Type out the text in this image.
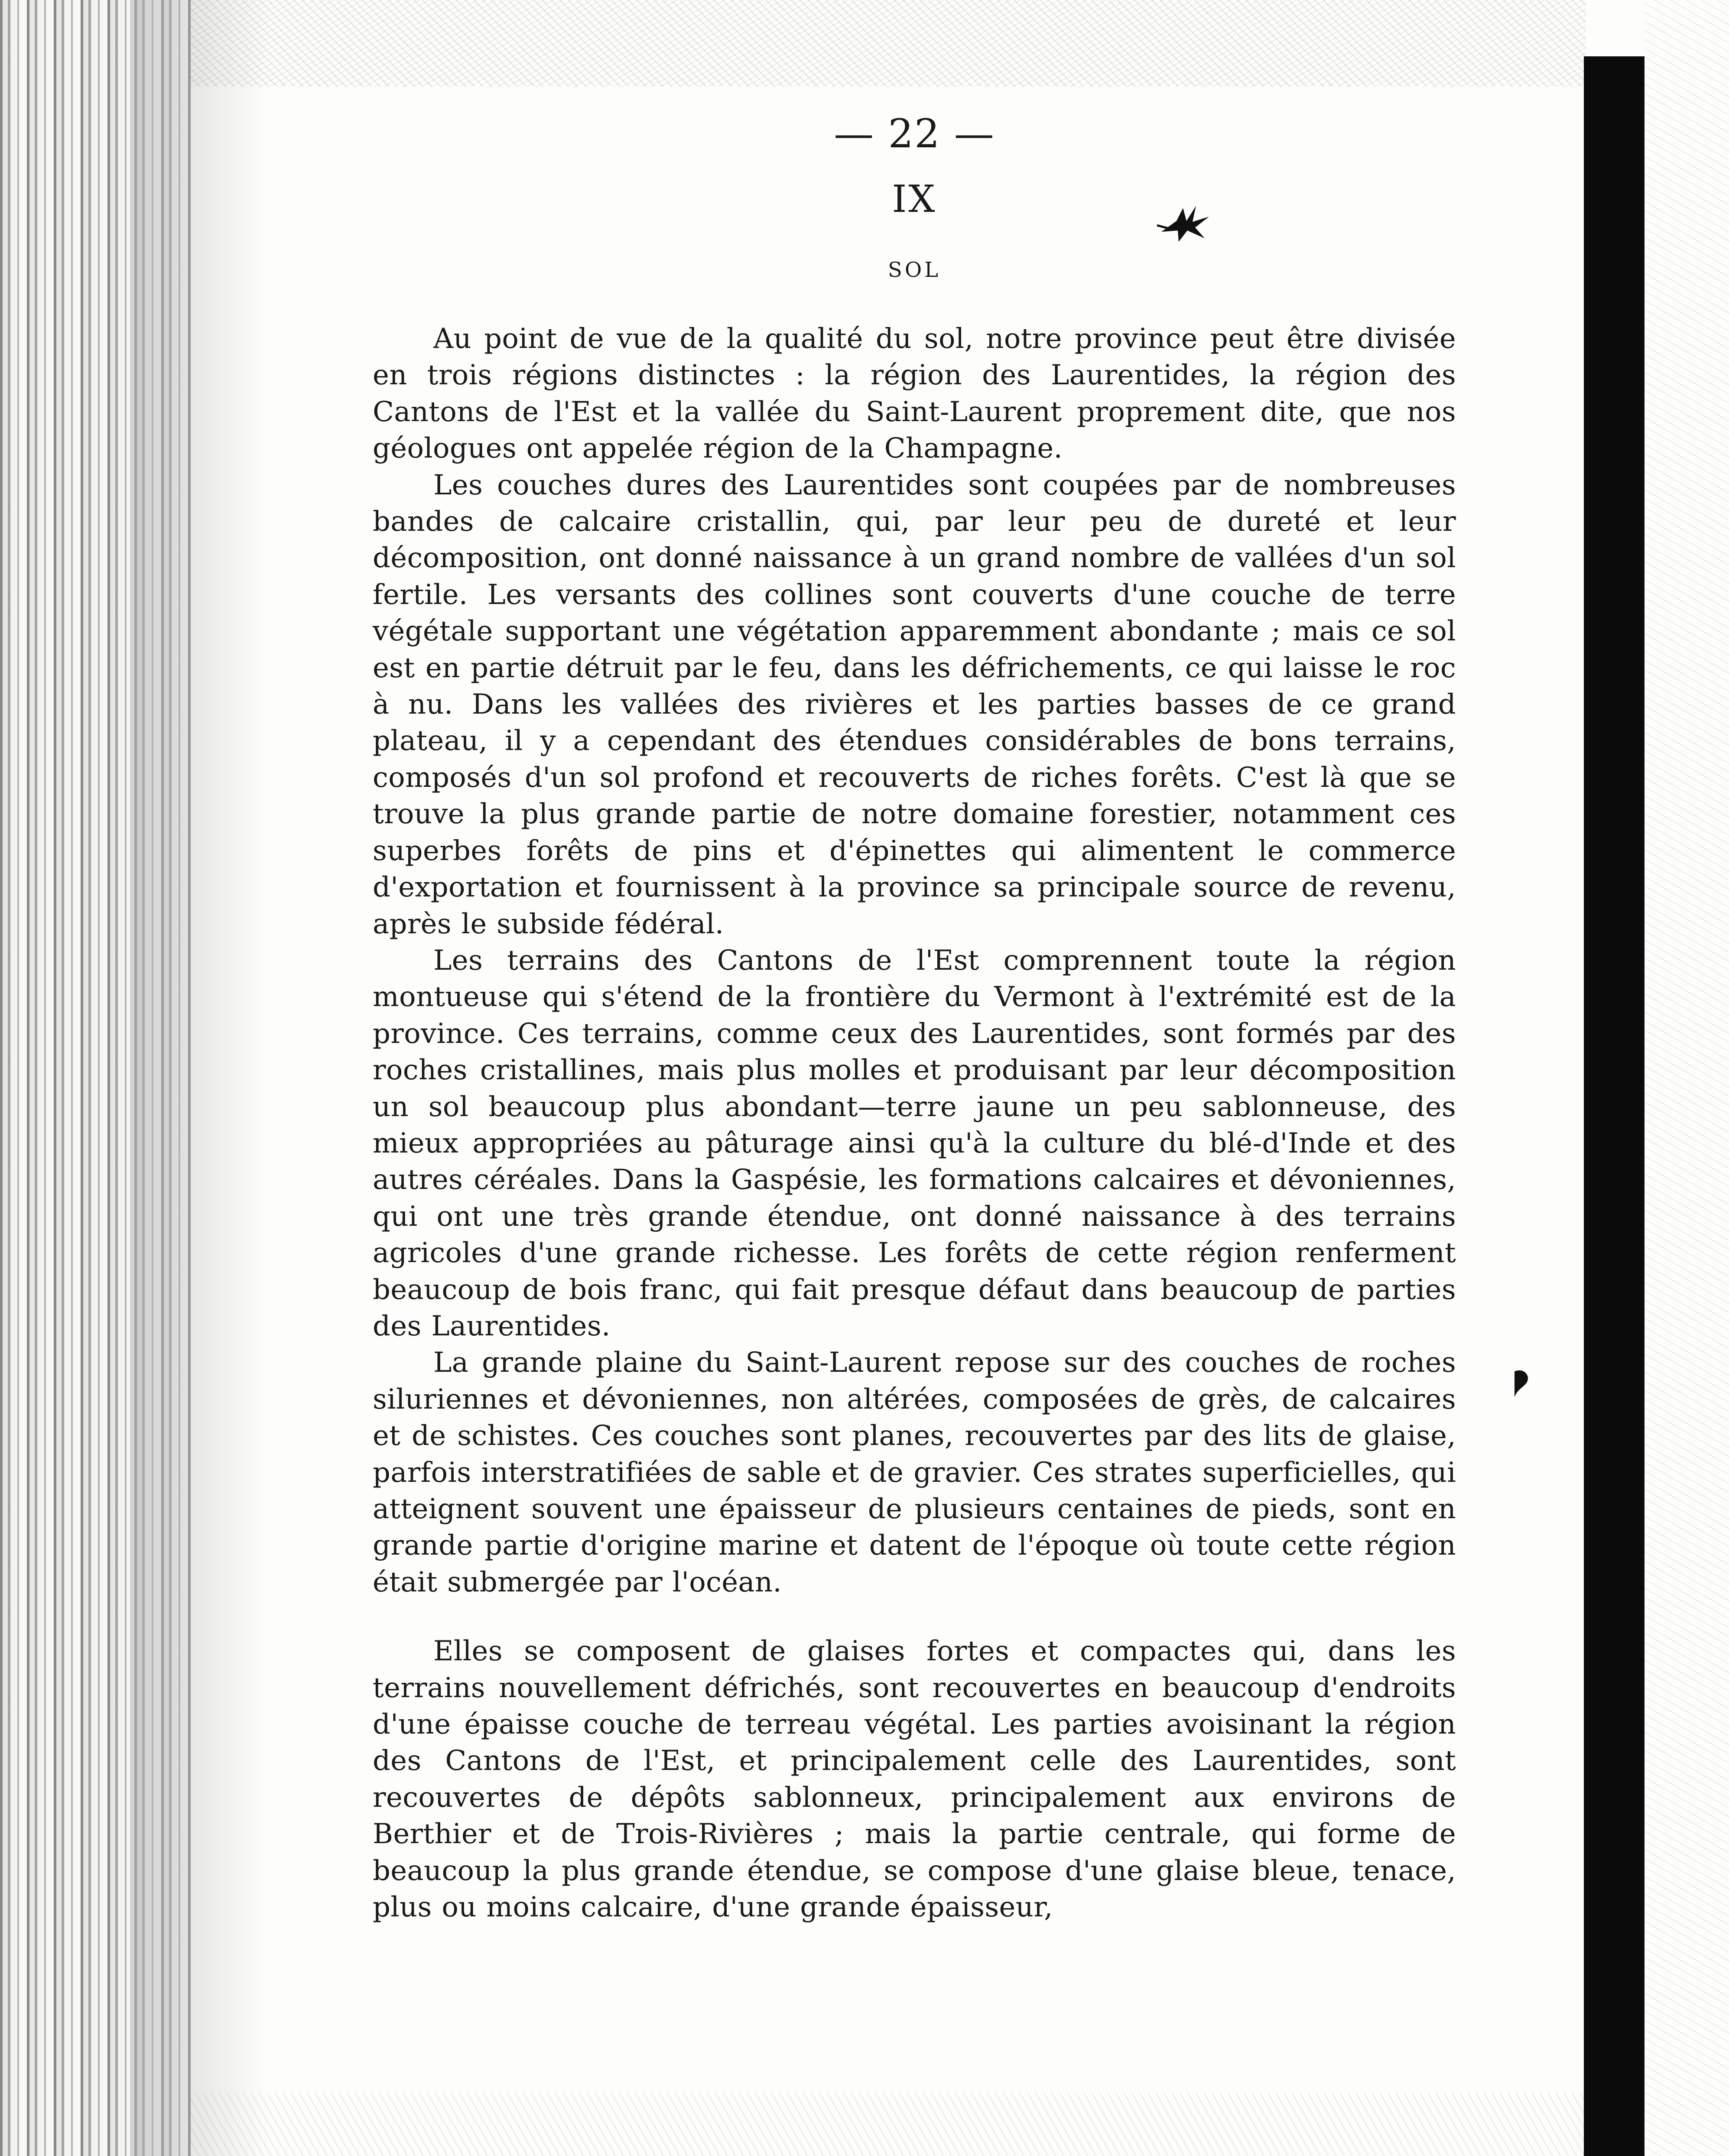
— 22 —
IX
SOL

Au point de vue de la qualité du sol, notre province peut être divisée en trois régions distinctes : la région des Laurentides, la région des Cantons de l'Est et la vallée du Saint-Laurent proprement dite, que nos géologues ont appelée région de la Champagne.

Les couches dures des Laurentides sont coupées par de nombreuses bandes de calcaire cristallin, qui, par leur peu de dureté et leur décomposition, ont donné naissance à un grand nombre de vallées d'un sol fertile. Les versants des collines sont couverts d'une couche de terre végétale supportant une végétation apparemment abondante ; mais ce sol est en partie détruit par le feu, dans les défrichements, ce qui laisse le roc à nu. Dans les vallées des rivières et les parties basses de ce grand plateau, il y a cependant des étendues considérables de bons terrains, composés d'un sol profond et recouverts de riches forêts. C'est là que se trouve la plus grande partie de notre domaine forestier, notamment ces superbes forêts de pins et d'épinettes qui alimentent le commerce d'exportation et fournissent à la province sa principale source de revenu, après le subside fédéral.

Les terrains des Cantons de l'Est comprennent toute la région montueuse qui s'étend de la frontière du Vermont à l'extrémité est de la province. Ces terrains, comme ceux des Laurentides, sont formés par des roches cristallines, mais plus molles et produisant par leur décomposition un sol beaucoup plus abondant—terre jaune un peu sablonneuse, des mieux appropriées au pâturage ainsi qu'à la culture du blé-d'Inde et des autres céréales. Dans la Gaspésie, les formations calcaires et dévoniennes, qui ont une très grande étendue, ont donné naissance à des terrains agricoles d'une grande richesse. Les forêts de cette région renferment beaucoup de bois franc, qui fait presque défaut dans beaucoup de parties des Laurentides.

La grande plaine du Saint-Laurent repose sur des couches de roches siluriennes et dévoniennes, non altérées, composées de grès, de calcaires et de schistes. Ces couches sont planes, recouvertes par des lits de glaise, parfois interstratifiées de sable et de gravier. Ces strates superficielles, qui atteignent souvent une épaisseur de plusieurs centaines de pieds, sont en grande partie d'origine marine et datent de l'époque où toute cette région était submergée par l'océan.

Elles se composent de glaises fortes et compactes qui, dans les terrains nouvellement défrichés, sont recouvertes en beaucoup d'endroits d'une épaisse couche de terreau végétal. Les parties avoisinant la région des Cantons de l'Est, et principalement celle des Laurentides, sont recouvertes de dépôts sablonneux, principalement aux environs de Berthier et de Trois-Rivières ; mais la partie centrale, qui forme de beaucoup la plus grande étendue, se compose d'une glaise bleue, tenace, plus ou moins calcaire, d'une grande épaisseur,
